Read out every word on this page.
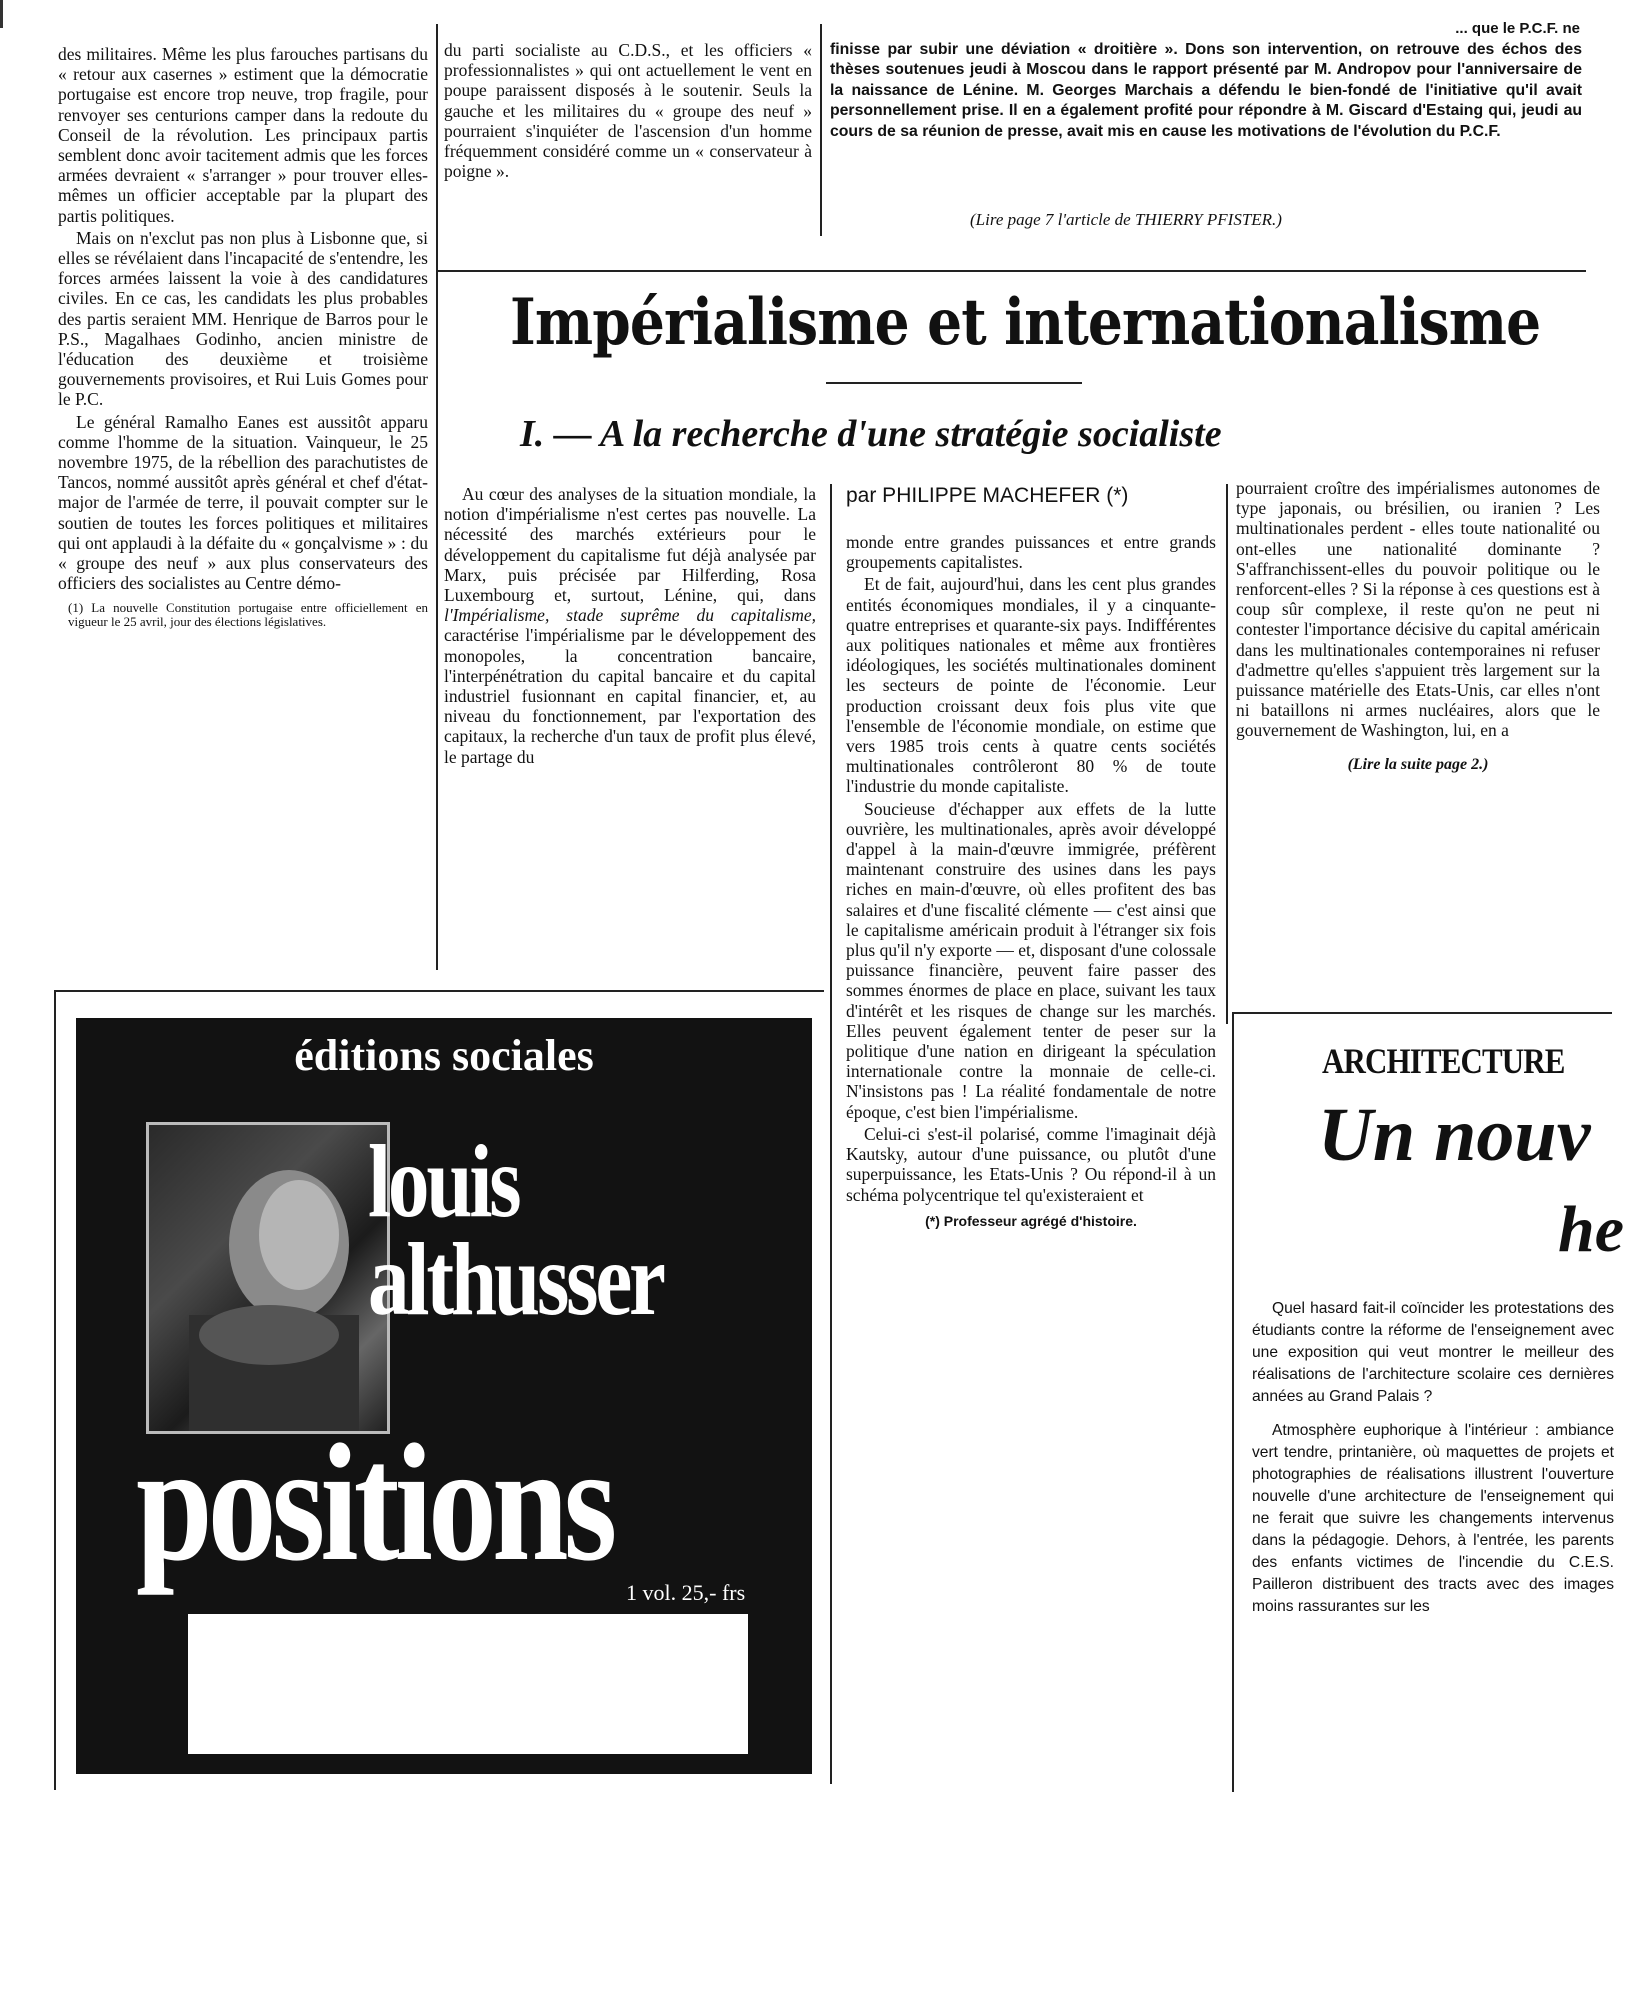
des militaires. Même les plus farouches partisans du « retour aux casernes » estiment que la démocratie portugaise est encore trop neuve, trop fragile, pour renvoyer ses centurions camper dans la redoute du Conseil de la révolution. Les principaux partis semblent donc avoir tacitement admis que les forces armées devraient « s'arranger » pour trouver elles-mêmes un officier acceptable par la plupart des partis politiques.

Mais on n'exclut pas non plus à Lisbonne que, si elles se révélaient dans l'incapacité de s'entendre, les forces armées laissent la voie à des candidatures civiles. En ce cas, les candidats les plus probables des partis seraient MM. Henrique de Barros pour le P.S., Magalhaes Godinho, ancien ministre de l'éducation des deuxième et troisième gouvernements provisoires, et Rui Luis Gomes pour le P.C.

Le général Ramalho Eanes est aussitôt apparu comme l'homme de la situation. Vainqueur, le 25 novembre 1975, de la rébellion des parachutistes de Tancos, nommé aussitôt après général et chef d'état-major de l'armée de terre, il pouvait compter sur le soutien de toutes les forces politiques et militaires qui ont applaudi à la défaite du « gonçalvisme » : du « groupe des neuf » aux plus conservateurs des officiers des socialistes au Centre démo-

(1) La nouvelle Constitution portugaise entre officiellement en vigueur le 25 avril, jour des élections législatives.

du parti socialiste au C.D.S., et les officiers « professionnalistes » qui ont actuellement le vent en poupe paraissent disposés à le soutenir. Seuls la gauche et les militaires du « groupe des neuf » pourraient s'inquiéter de l'ascension d'un homme fréquemment considéré comme un « conservateur à poigne ».

... que le P.C.F. ne
finisse par subir une déviation « droitière ». Dons son intervention, on retrouve des échos des thèses soutenues jeudi à Moscou dans le rapport présenté par M. Andropov pour l'anniversaire de la naissance de Lénine. M. Georges Marchais a défendu le bien-fondé de l'initiative qu'il avait personnellement prise. Il en a également profité pour répondre à M. Giscard d'Estaing qui, jeudi au cours de sa réunion de presse, avait mis en cause les motivations de l'évolution du P.C.F.
(Lire page 7 l'article de THIERRY PFISTER.)
Impérialisme et internationalisme
I. — A la recherche d'une stratégie socialiste

Au cœur des analyses de la situation mondiale, la notion d'impérialisme n'est certes pas nouvelle. La nécessité des marchés extérieurs pour le développement du capitalisme fut déjà analysée par Marx, puis précisée par Hilferding, Rosa Luxembourg et, surtout, Lénine, qui, dans l'Impérialisme, stade suprême du capitalisme, caractérise l'impérialisme par le développement des monopoles, la concentration bancaire, l'interpénétration du capital bancaire et du capital industriel fusionnant en capital financier, et, au niveau du fonctionnement, par l'exportation des capitaux, la recherche d'un taux de profit plus élevé, le partage du

par PHILIPPE MACHEFER (*)

monde entre grandes puissances et entre grands groupements capitalistes.

Et de fait, aujourd'hui, dans les cent plus grandes entités économiques mondiales, il y a cinquante-quatre entreprises et quarante-six pays. Indifférentes aux politiques nationales et même aux frontières idéologiques, les sociétés multinationales dominent les secteurs de pointe de l'économie. Leur production croissant deux fois plus vite que l'ensemble de l'économie mondiale, on estime que vers 1985 trois cents à quatre cents sociétés multinationales contrôleront 80 % de toute l'industrie du monde capitaliste.

Soucieuse d'échapper aux effets de la lutte ouvrière, les multinationales, après avoir développé d'appel à la main-d'œuvre immigrée, préfèrent maintenant construire des usines dans les pays riches en main-d'œuvre, où elles profitent des bas salaires et d'une fiscalité clémente — c'est ainsi que le capitalisme américain produit à l'étranger six fois plus qu'il n'y exporte — et, disposant d'une colossale puissance financière, peuvent faire passer des sommes énormes de place en place, suivant les taux d'intérêt et les risques de change sur les marchés. Elles peuvent également tenter de peser sur la politique d'une nation en dirigeant la spéculation internationale contre la monnaie de celle-ci. N'insistons pas ! La réalité fondamentale de notre époque, c'est bien l'impérialisme.

Celui-ci s'est-il polarisé, comme l'imaginait déjà Kautsky, autour d'une puissance, ou plutôt d'une superpuissance, les Etats-Unis ? Ou répond-il à un schéma polycentrique tel qu'existeraient et

(*) Professeur agrégé d'histoire.

pourraient croître des impérialismes autonomes de type japonais, ou brésilien, ou iranien ? Les multinationales perdent - elles toute nationalité ou ont-elles une nationalité dominante ? S'affranchissent-elles du pouvoir politique ou le renforcent-elles ? Si la réponse à ces questions est à coup sûr complexe, il reste qu'on ne peut ni contester l'importance décisive du capital américain dans les multinationales contemporaines ni refuser d'admettre qu'elles s'appuient très largement sur la puissance matérielle des Etats-Unis, car elles n'ont ni bataillons ni armes nucléaires, alors que le gouvernement de Washington, lui, en a

(Lire la suite page 2.)
éditions sociales
louis
althusser
positions 1 vol. 25,- frs
ARCHITECTURE
Un nouv
he

Quel hasard fait-il coïncider les protestations des étudiants contre la réforme de l'enseignement avec une exposition qui veut montrer le meilleur des réalisations de l'architecture scolaire ces dernières années au Grand Palais ?

Atmosphère euphorique à l'intérieur : ambiance vert tendre, printanière, où maquettes de projets et photographies de réalisations illustrent l'ouverture nouvelle d'une architecture de l'enseignement qui ne ferait que suivre les changements intervenus dans la pédagogie. Dehors, à l'entrée, les parents des enfants victimes de l'incendie du C.E.S. Pailleron distribuent des tracts avec des images moins rassurantes sur les
